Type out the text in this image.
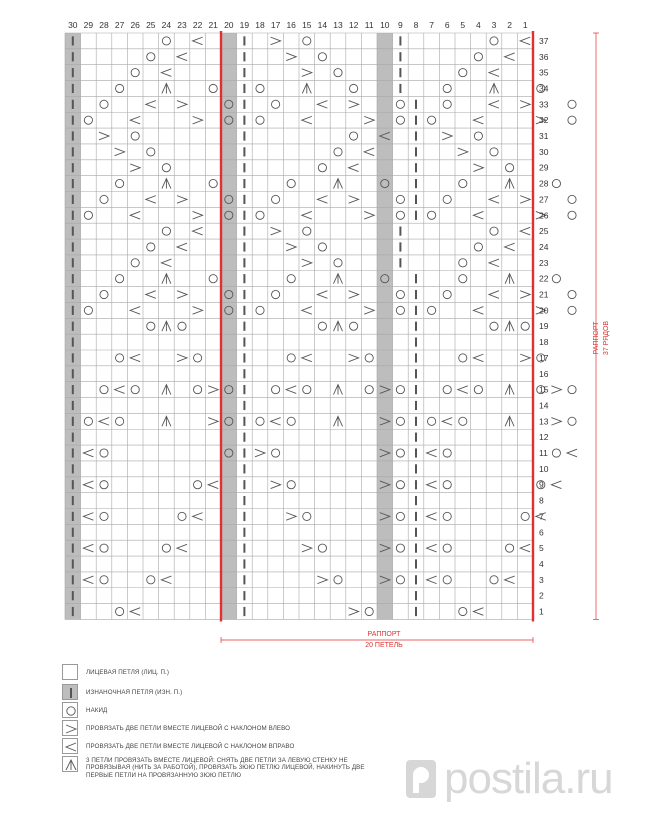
30 29 28 27 26 25 24 23 22 21 20 19 18 17 16 15 14 13 12 11 10 9 8 7 6 5 4 3 2 1
37
36
35
34
33
32
31
30
29
28
27
26
25
24
23
22
21
20
19
18
17
16
15
14
13
12
11
10
9
8
7
6
5
4
3
2
1
РАППОРТ 37 РЯДОВ
РАППОРТ
20 ПЕТЕЛЬ
ЛИЦЕВАЯ ПЕТЛЯ (ЛИЦ. П.)
ИЗНАНОЧНАЯ ПЕТЛЯ (ИЗН. П.)
НАКИД
ПРОВЯЗАТЬ ДВЕ ПЕТЛИ ВМЕСТЕ ЛИЦЕВОЙ С НАКЛОНОМ ВЛЕВО
ПРОВЯЗАТЬ ДВЕ ПЕТЛИ ВМЕСТЕ ЛИЦЕВОЙ С НАКЛОНОМ ВПРАВО
3 ПЕТЛИ ПРОВЯЗАТЬ ВМЕСТЕ ЛИЦЕВОЙ: СНЯТЬ ДВЕ ПЕТЛИ ЗА ЛЕВУЮ СТЕНКУ НЕ ПРОВЯЗЫВАЯ (НИТЬ ЗА РАБОТОЙ), ПРОВЯЗАТЬ 3ЮЮ ПЕТЛЮ ЛИЦЕВОЙ, НАКИНУТЬ ДВЕ ПЕРВЫЕ ПЕТЛИ НА ПРОВЯЗАННУЮ 3ЮЮ ПЕТЛЮ	postila.ru
